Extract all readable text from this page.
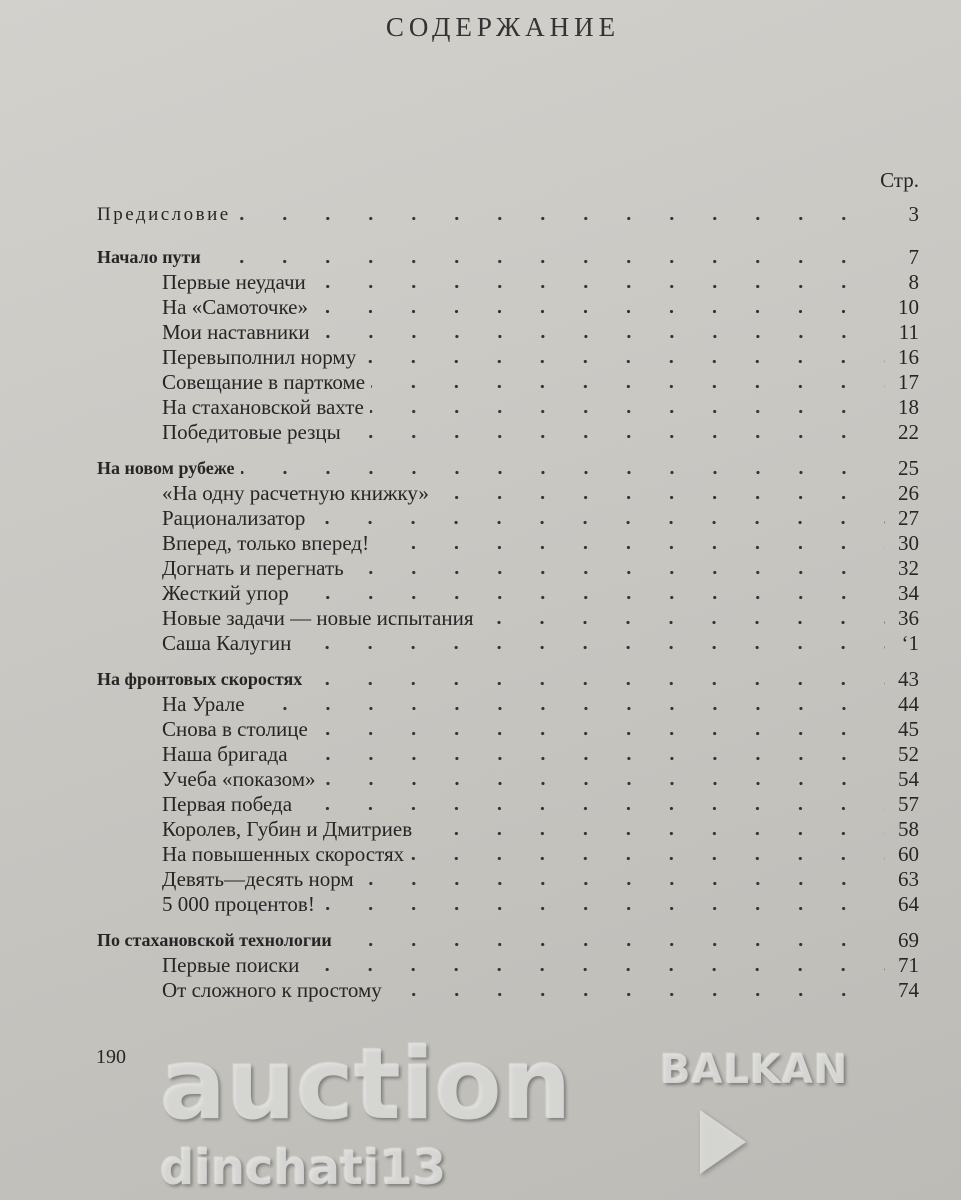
СОДЕРЖАНИЕ
Стр.
Предисловие	3
Начало пути	7
Первые неудачи	8
На «Самоточке»	10
Мои наставники	11
Перевыполнил норму	16
Совещание в парткоме	17
На стахановской вахте	18
Победитовые резцы	22
На новом рубеже	25
«На одну расчетную книжку»	26
Рационализатор	27
Вперед, только вперед!	30
Догнать и перегнать	32
Жесткий упор	34
Новые задачи — новые испытания	36
Саша Калугин	‘1
На фронтовых скоростях	43
На Урале	44
Снова в столице	45
Наша бригада	52
Учеба «показом»	54
Первая победа	57
Королев, Губин и Дмитриев	58
На повышенных скоростях	60
Девять—десять норм	63
5 000 процентов!	64
По стахановской технологии	69
Первые поиски	71
От сложного к простому	74
190 auction BALKAN
dinchati13
